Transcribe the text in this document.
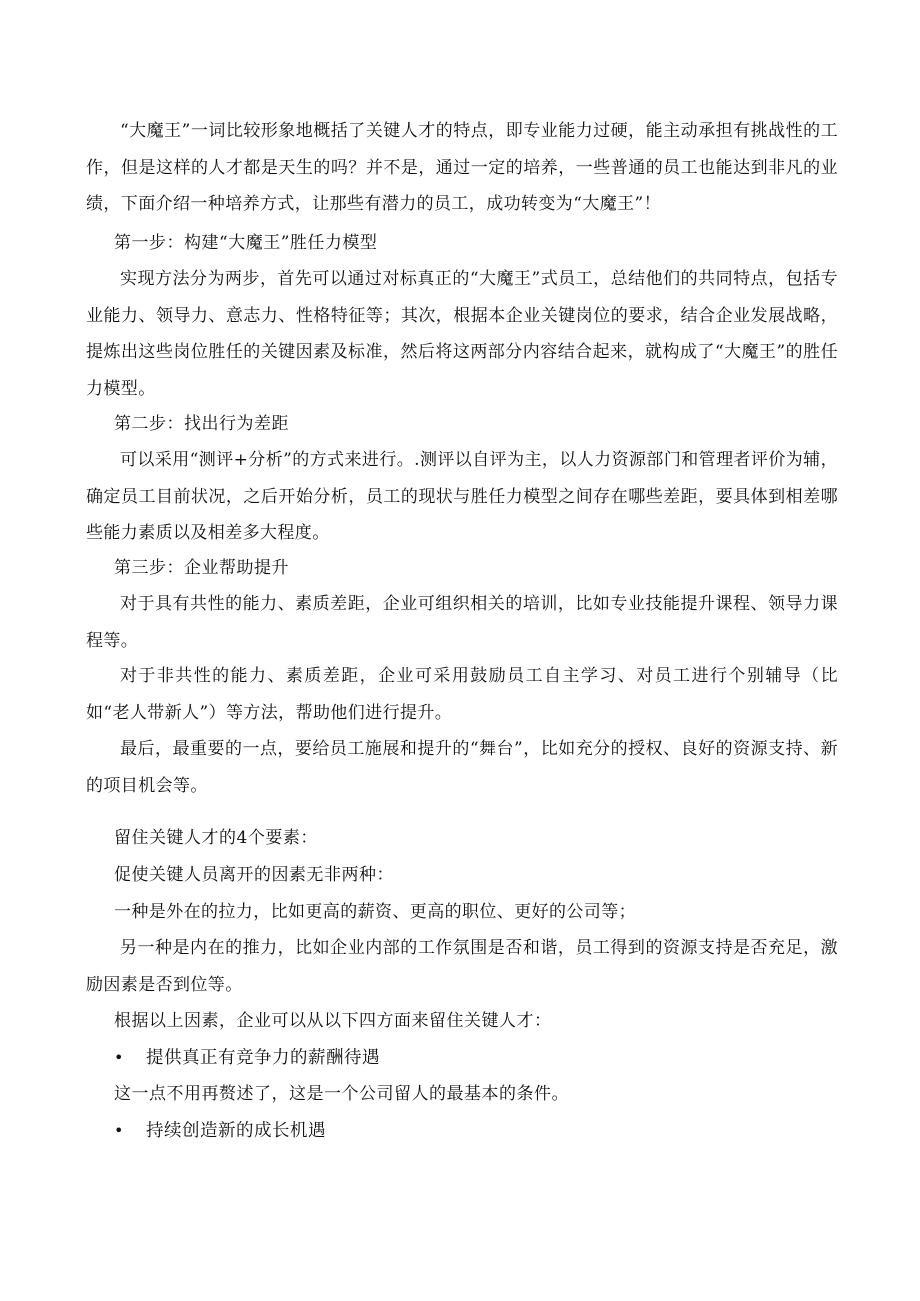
“大魔王”一词比较形象地概括了关键人才的特点，即专业能力过硬，能主动承担有挑战性的工作，但是这样的人才都是天生的吗？并不是，通过一定的培养，一些普通的员工也能达到非凡的业绩，下面介绍一种培养方式，让那些有潜力的员工，成功转变为“大魔王”！

第一步：构建“大魔王”胜任力模型

实现方法分为两步，首先可以通过对标真正的“大魔王”式员工，总结他们的共同特点，包括专业能力、领导力、意志力、性格特征等；其次，根据本企业关键岗位的要求，结合企业发展战略，提炼出这些岗位胜任的关键因素及标准，然后将这两部分内容结合起来，就构成了“大魔王”的胜任力模型。

第二步：找出行为差距

可以采用“测评+分析”的方式来进行。.测评以自评为主，以人力资源部门和管理者评价为辅，确定员工目前状况，之后开始分析，员工的现状与胜任力模型之间存在哪些差距，要具体到相差哪些能力素质以及相差多大程度。

第三步：企业帮助提升

对于具有共性的能力、素质差距，企业可组织相关的培训，比如专业技能提升课程、领导力课程等。

对于非共性的能力、素质差距，企业可采用鼓励员工自主学习、对员工进行个别辅导（比如“老人带新人”）等方法，帮助他们进行提升。

最后，最重要的一点，要给员工施展和提升的“舞台”，比如充分的授权、良好的资源支持、新的项目机会等。

留住关键人才的4个要素：

促使关键人员离开的因素无非两种：

一种是外在的拉力，比如更高的薪资、更高的职位、更好的公司等；

另一种是内在的推力，比如企业内部的工作氛围是否和谐，员工得到的资源支持是否充足，激励因素是否到位等。

根据以上因素，企业可以从以下四方面来留住关键人才：

•	提供真正有竞争力的薪酬待遇

这一点不用再赘述了，这是一个公司留人的最基本的条件。

•	持续创造新的成长机遇
